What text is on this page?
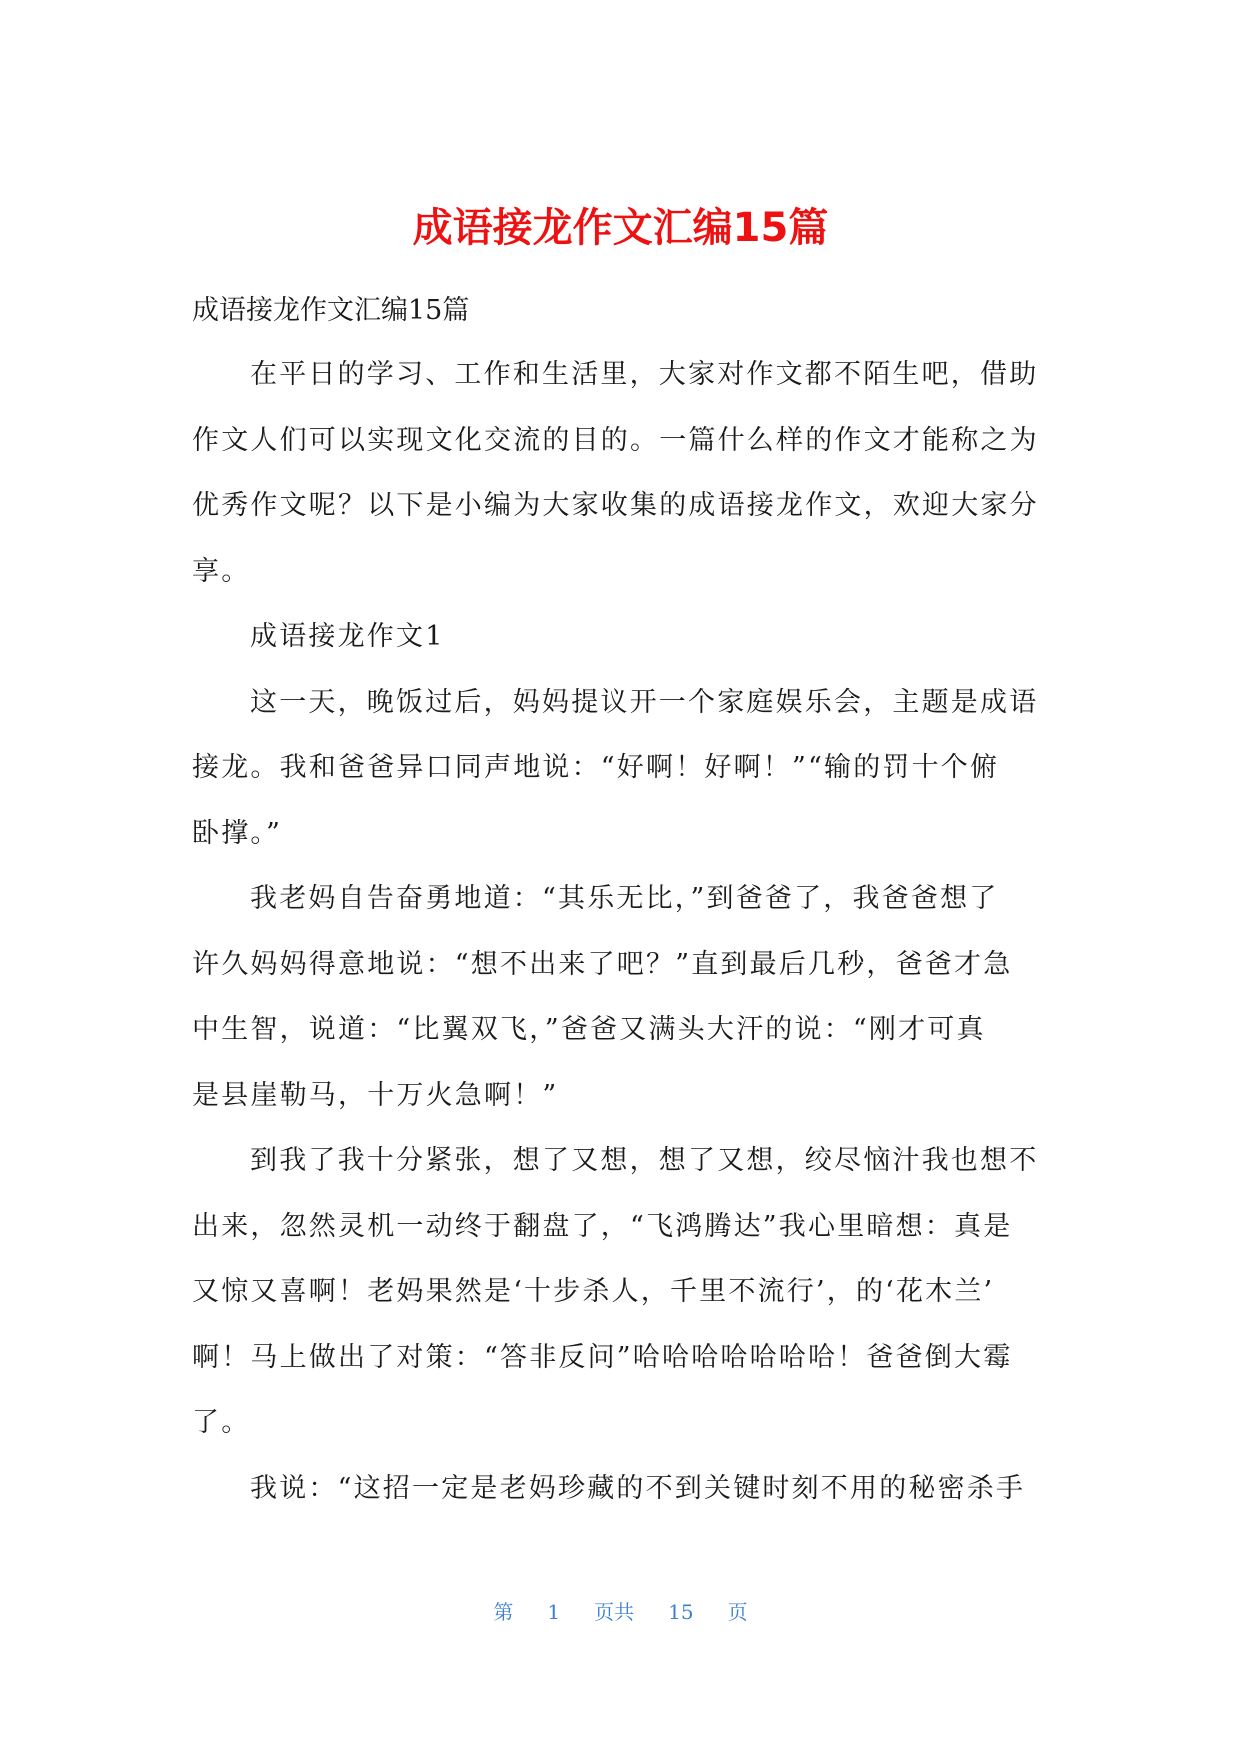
成语接龙作文汇编15篇
成语接龙作文汇编15篇
在平日的学习、工作和生活里，大家对作文都不陌生吧，借助
作文人们可以实现文化交流的目的。一篇什么样的作文才能称之为
优秀作文呢？以下是小编为大家收集的成语接龙作文，欢迎大家分
享。
成语接龙作文1
这一天，晚饭过后，妈妈提议开一个家庭娱乐会，主题是成语
接龙。我和爸爸异口同声地说：“好啊！好啊！”“输的罚十个俯
卧撑。”
我老妈自告奋勇地道：“其乐无比，”到爸爸了，我爸爸想了
许久妈妈得意地说：“想不出来了吧？”直到最后几秒，爸爸才急
中生智，说道：“比翼双飞，”爸爸又满头大汗的说：“刚才可真
是县崖勒马，十万火急啊！”
到我了我十分紧张，想了又想，想了又想，绞尽恼汁我也想不
出来，忽然灵机一动终于翻盘了，“飞鸿腾达”我心里暗想：真是
又惊又喜啊！老妈果然是‘十步杀人，千里不流行’，的‘花木兰’
啊！马上做出了对策：“答非反问”哈哈哈哈哈哈哈！爸爸倒大霉
了。
我说：“这招一定是老妈珍藏的不到关键时刻不用的秘密杀手
第 1 页共 15 页
